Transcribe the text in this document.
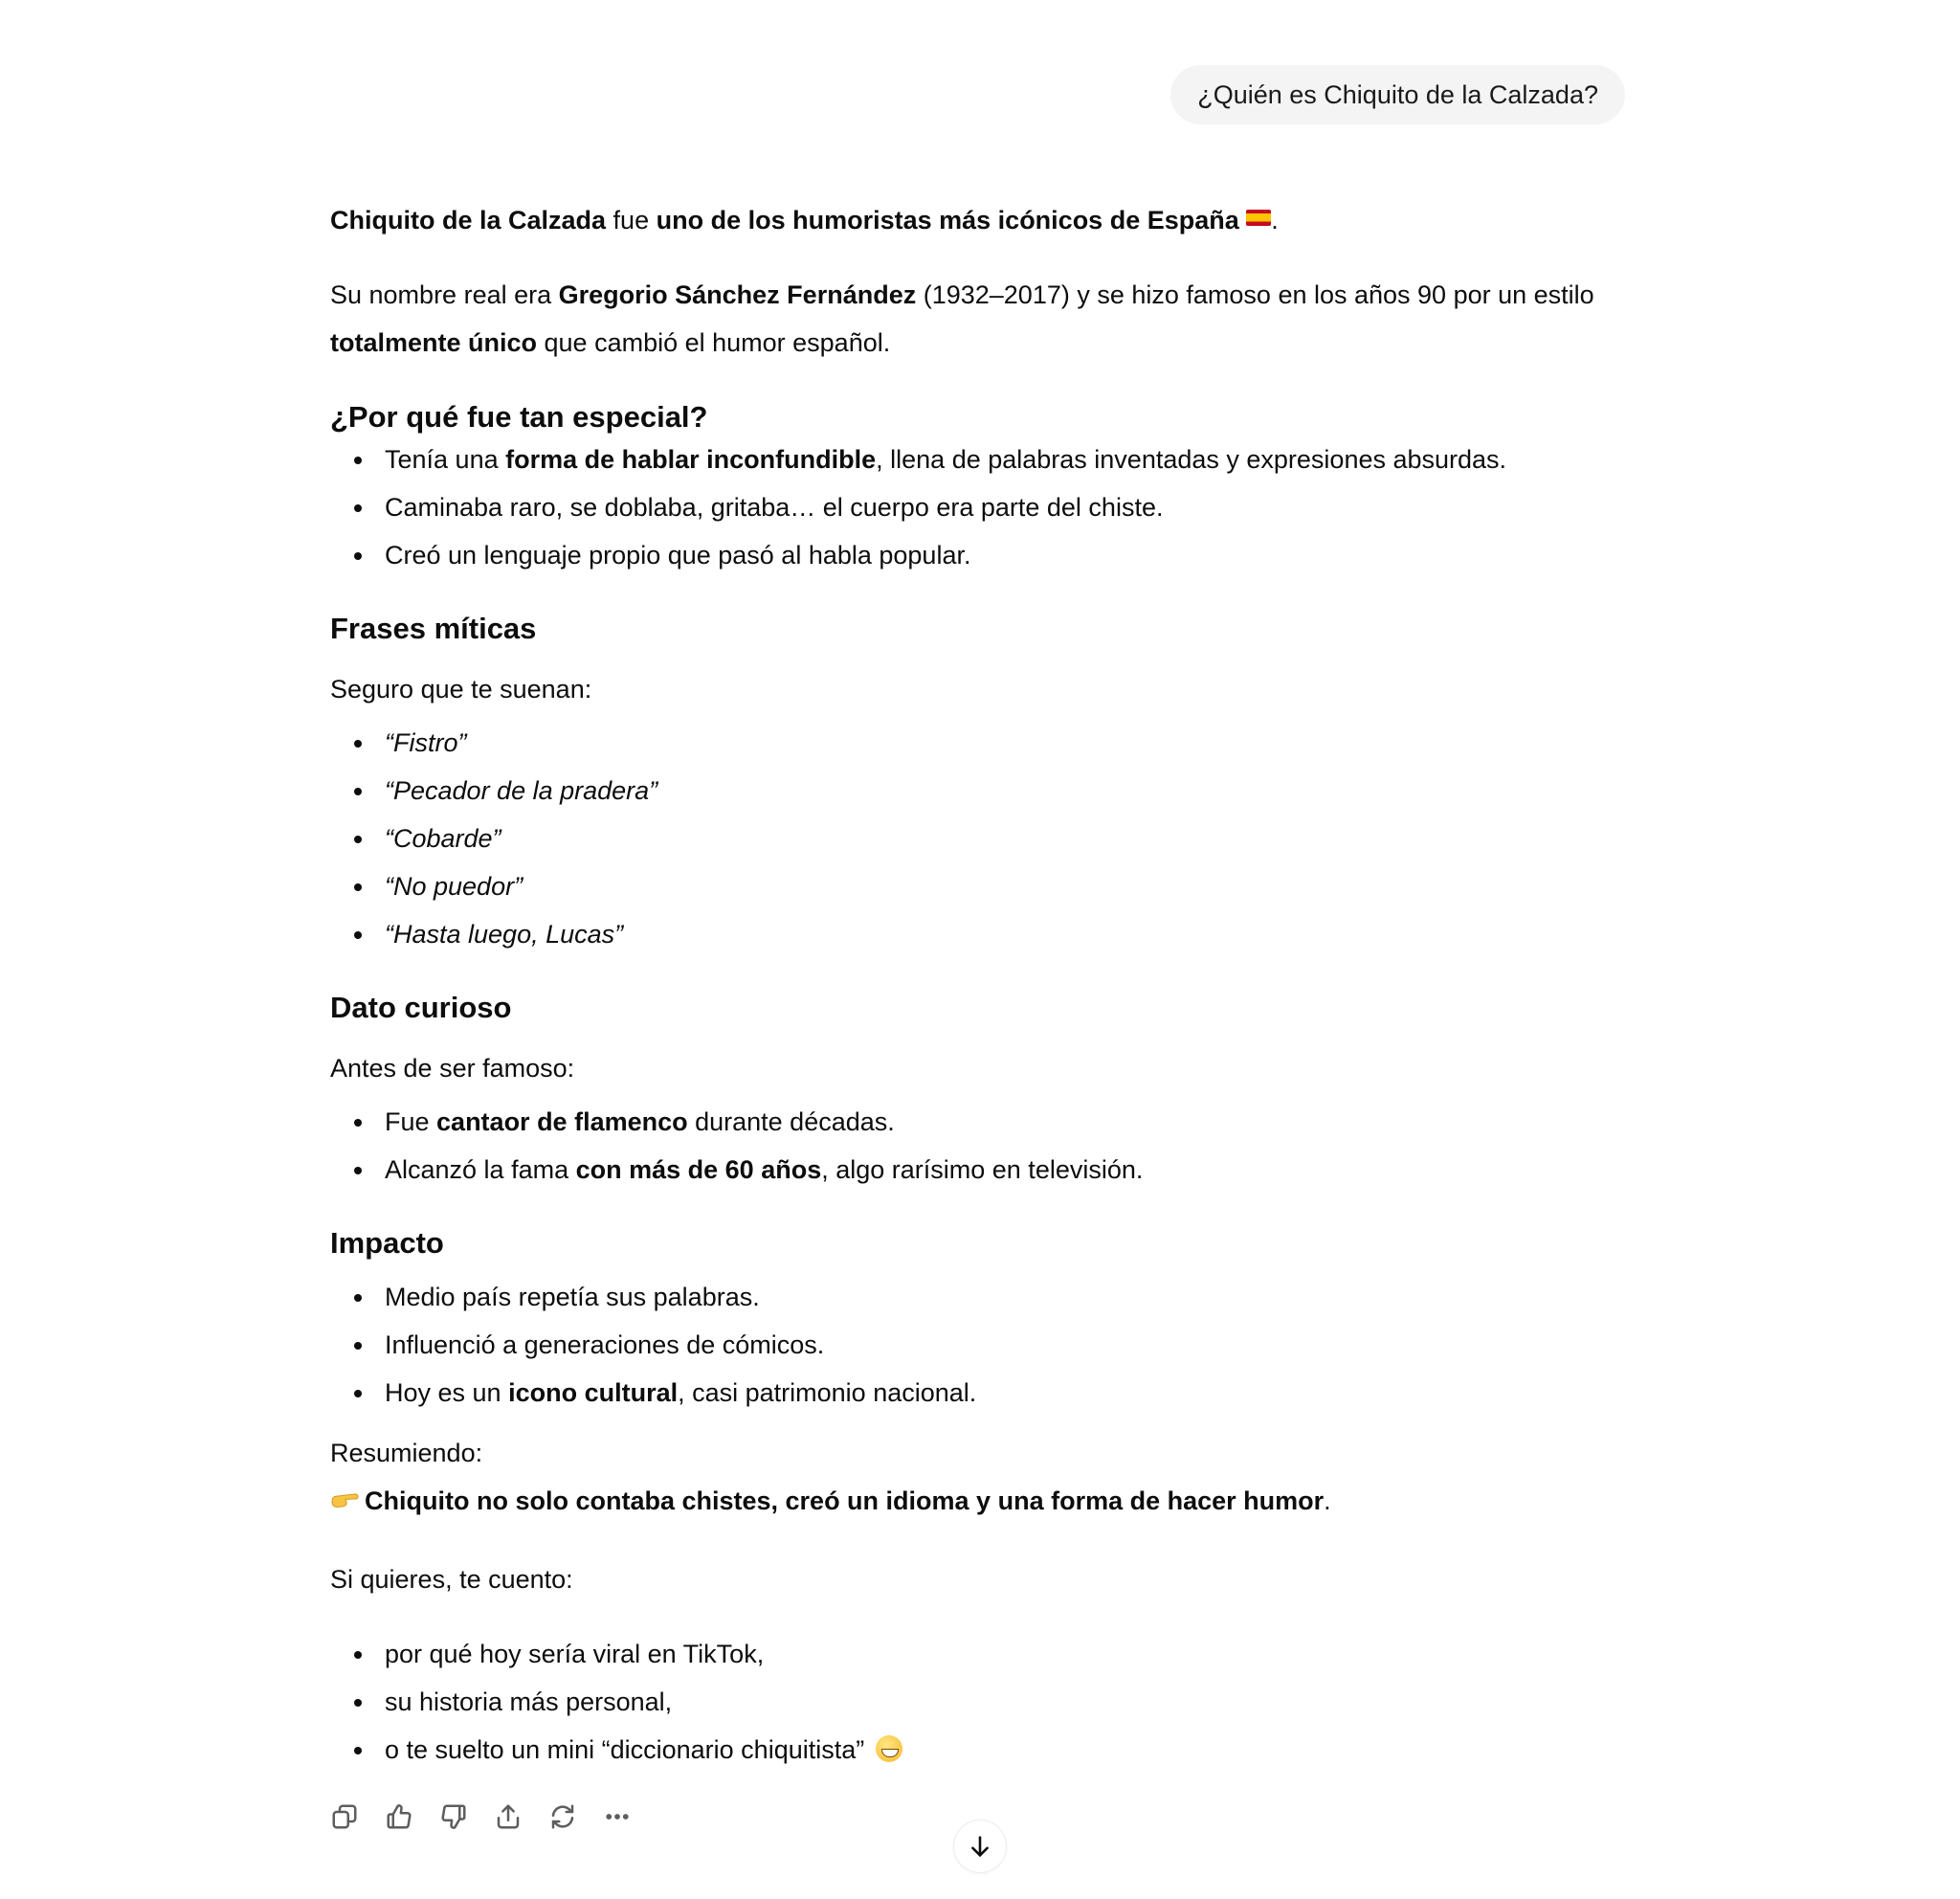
¿Quién es Chiquito de la Calzada?

Chiquito de la Calzada fue uno de los humoristas más icónicos de España .

Su nombre real era Gregorio Sánchez Fernández (1932–2017) y se hizo famoso en los años 90 por un estilo totalmente único que cambió el humor español.

¿Por qué fue tan especial?
Tenía una forma de hablar inconfundible, llena de palabras inventadas y expresiones absurdas.
Caminaba raro, se doblaba, gritaba… el cuerpo era parte del chiste.
Creó un lenguaje propio que pasó al habla popular.
Frases míticas

Seguro que te suenan:

“Fistro”
“Pecador de la pradera”
“Cobarde”
“No puedor”
“Hasta luego, Lucas”
Dato curioso

Antes de ser famoso:

Fue cantaor de flamenco durante décadas.
Alcanzó la fama con más de 60 años, algo rarísimo en televisión.
Impacto
Medio país repetía sus palabras.
Influenció a generaciones de cómicos.
Hoy es un icono cultural, casi patrimonio nacional.

Resumiendo:

Chiquito no solo contaba chistes, creó un idioma y una forma de hacer humor.

Si quieres, te cuento:

por qué hoy sería viral en TikTok,
su historia más personal,
o te suelto un mini “diccionario chiquitista”
